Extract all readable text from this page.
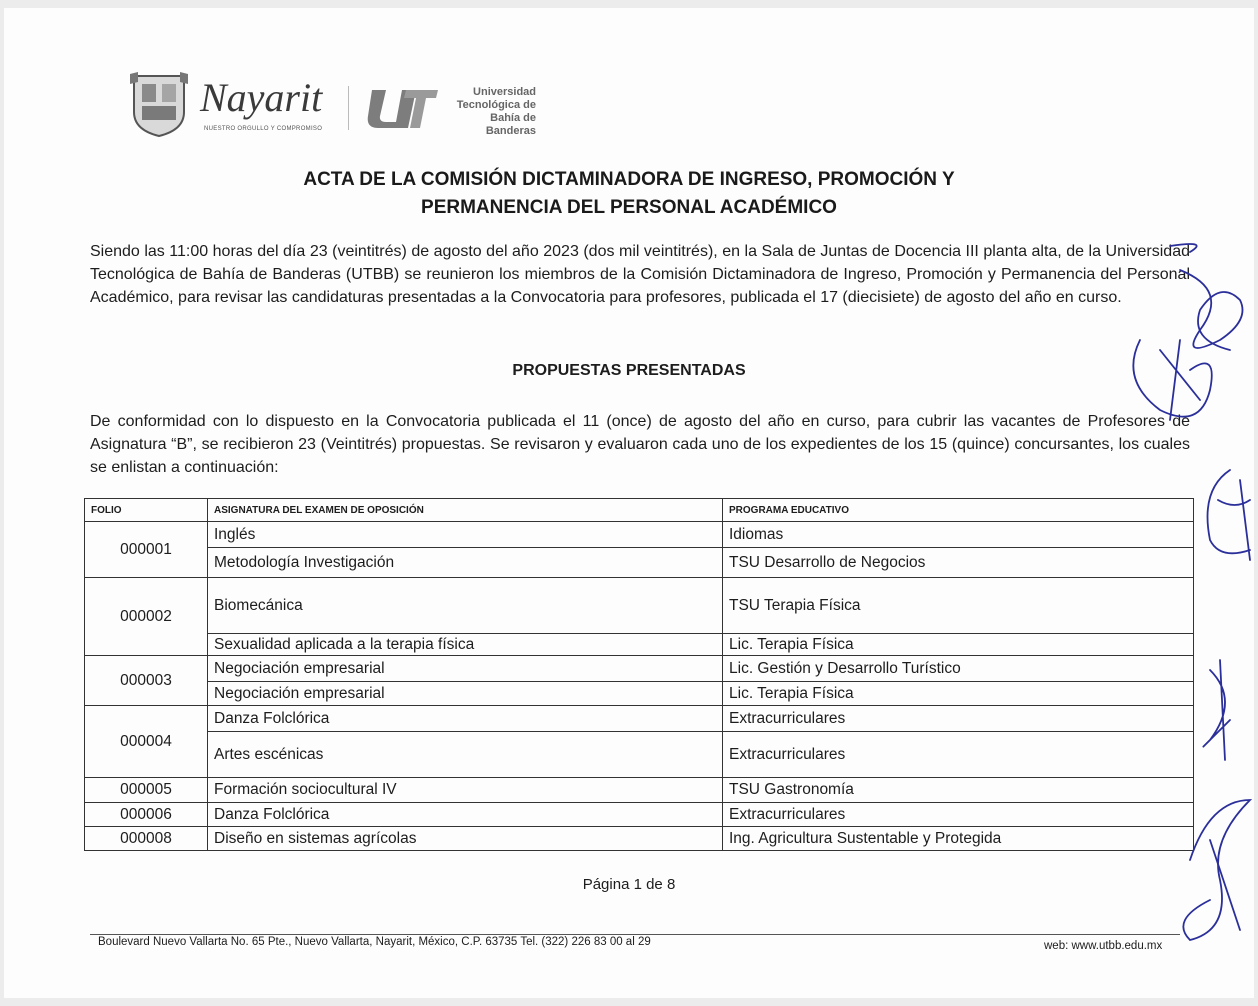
Nayarit
NUESTRO ORGULLO Y COMPROMISO
Universidad
Tecnológica de
Bahía de Banderas
ACTA DE LA COMISIÓN DICTAMINADORA DE INGRESO, PROMOCIÓN Y
PERMANENCIA DEL PERSONAL ACADÉMICO
Siendo las 11:00 horas del día 23 (veintitrés) de agosto del año 2023 (dos mil veintitrés), en la Sala de Juntas de Docencia III planta alta, de la Universidad Tecnológica de Bahía de Banderas (UTBB) se reunieron los miembros de la Comisión Dictaminadora de Ingreso, Promoción y Permanencia del Personal Académico, para revisar las candidaturas presentadas a la Convocatoria para profesores, publicada el 17 (diecisiete) de agosto del año en curso.
PROPUESTAS PRESENTADAS
De conformidad con lo dispuesto en la Convocatoria publicada el 11 (once) de agosto del año en curso, para cubrir las vacantes de Profesores de Asignatura “B”, se recibieron 23 (Veintitrés) propuestas. Se revisaron y evaluaron cada uno de los expedientes de los 15 (quince) concursantes, los cuales se enlistan a continuación:
FOLIO	ASIGNATURA DEL EXAMEN DE OPOSICIÓN	PROGRAMA EDUCATIVO
000001	Inglés	Idiomas
	Metodología Investigación	TSU Desarrollo de Negocios
000002	Biomecánica	TSU Terapia Física
	Sexualidad aplicada a la terapia física	Lic. Terapia Física
000003	Negociación empresarial	Lic. Gestión y Desarrollo Turístico
	Negociación empresarial	Lic. Terapia Física
000004	Danza Folclórica	Extracurriculares
	Artes escénicas	Extracurriculares
000005	Formación sociocultural IV	TSU Gastronomía
000006	Danza Folclórica	Extracurriculares
000008	Diseño en sistemas agrícolas	Ing. Agricultura Sustentable y Protegida
Página 1 de 8
Boulevard Nuevo Vallarta No. 65 Pte., Nuevo Vallarta, Nayarit, México, C.P. 63735 Tel. (322) 226 83 00 al 29	web: www.utbb.edu.mx
